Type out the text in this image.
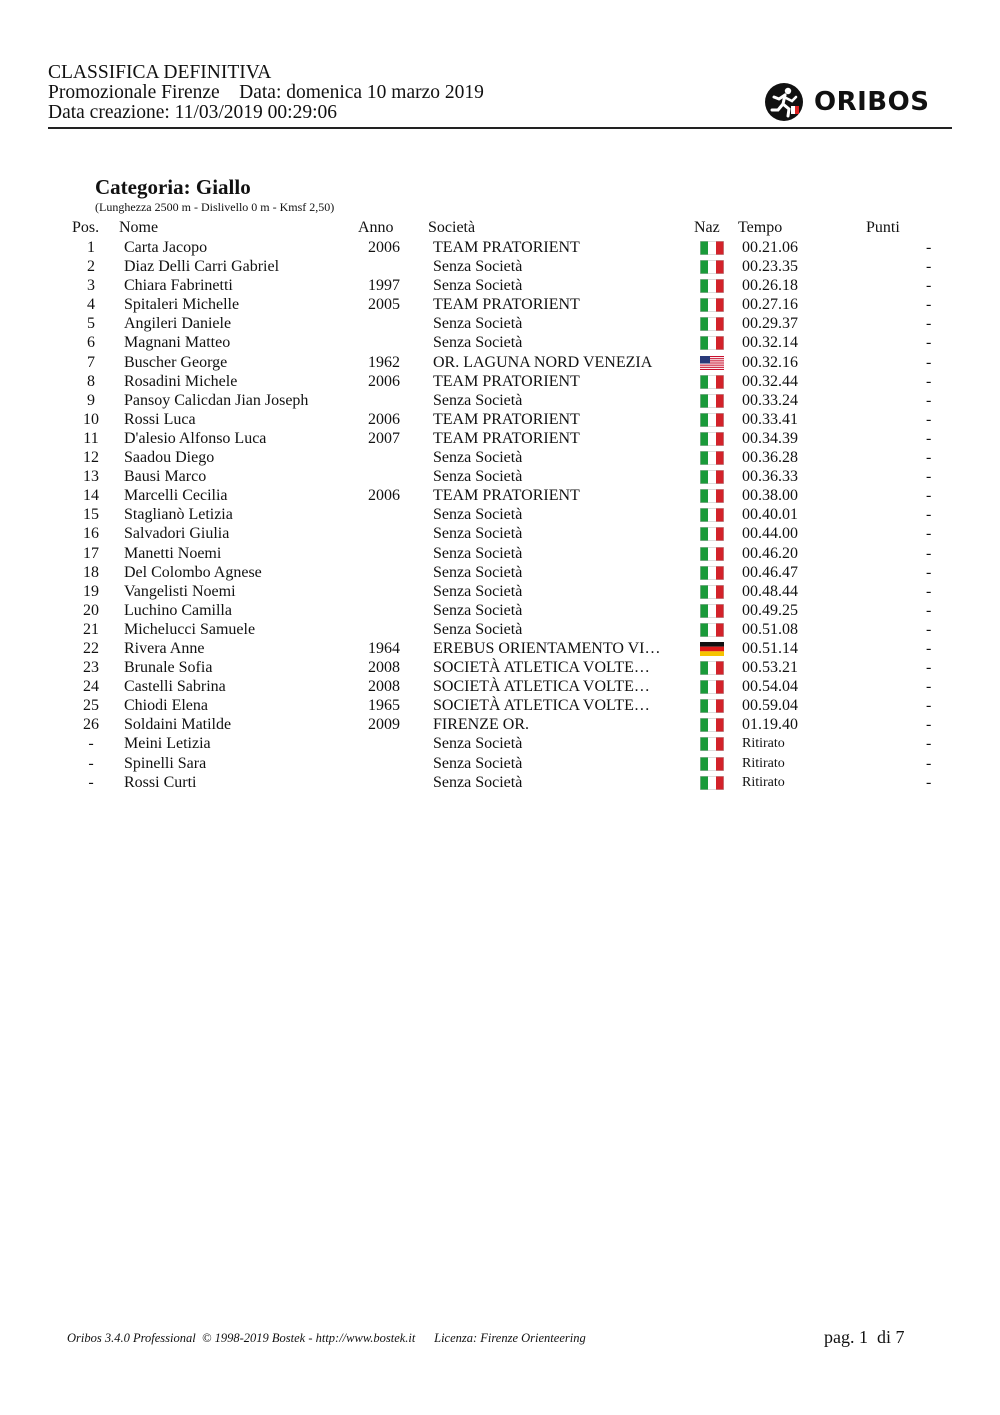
CLASSIFICA DEFINITIVA
Promozionale Firenze Data: domenica 10 marzo 2019
Data creazione: 11/03/2019 00:29:06	ORIBOS
Categoria: Giallo
(Lunghezza 2500 m - Dislivello 0 m - Kmsf 2,50)
Pos. Nome	Anno Società	Naz Tempo	Punti
1	Carta Jacopo	2006 TEAM PRATORIENT	00.21.06	-
2	Diaz Delli Carri Gabriel	Senza Società	00.23.35	-
3	Chiara Fabrinetti	1997 Senza Società	00.26.18	-
4	Spitaleri Michelle	2005 TEAM PRATORIENT	00.27.16	-
5	Angileri Daniele	Senza Società	00.29.37	-
6	Magnani Matteo	Senza Società	00.32.14	-
7	Buscher George	1962 OR. LAGUNA NORD VENEZIA	00.32.16	-
8	Rosadini Michele	2006 TEAM PRATORIENT	00.32.44	-
9	Pansoy Calicdan Jian Joseph	Senza Società	00.33.24	-
10	Rossi Luca	2006 TEAM PRATORIENT	00.33.41	-
11	D'alesio Alfonso Luca	2007 TEAM PRATORIENT	00.34.39	-
12	Saadou Diego	Senza Società	00.36.28	-
13	Bausi Marco	Senza Società	00.36.33	-
14	Marcelli Cecilia	2006 TEAM PRATORIENT	00.38.00	-
15	Staglianò Letizia	Senza Società	00.40.01	-
16	Salvadori Giulia	Senza Società	00.44.00	-
17	Manetti Noemi	Senza Società	00.46.20	-
18	Del Colombo Agnese	Senza Società	00.46.47	-
19	Vangelisti Noemi	Senza Società	00.48.44	-
20	Luchino Camilla	Senza Società	00.49.25	-
21	Michelucci Samuele	Senza Società	00.51.08	-
22	Rivera Anne	1964 EREBUS ORIENTAMENTO VI…	00.51.14	-
23	Brunale Sofia	2008 SOCIETÀ ATLETICA VOLTE…	00.53.21	-
24	Castelli Sabrina	2008 SOCIETÀ ATLETICA VOLTE…	00.54.04	-
25	Chiodi Elena	1965 SOCIETÀ ATLETICA VOLTE…	00.59.04	-
26	Soldaini Matilde	2009 FIRENZE OR.	01.19.40	-
-	Meini Letizia	Senza Società	Ritirato	-
-	Spinelli Sara	Senza Società	Ritirato	-
-	Rossi Curti	Senza Società	Ritirato	-
Oribos 3.4.0 Professional  © 1998-2019 Bostek - http://www.bostek.it      Licenza: Firenze Orienteering	pag. 1  di 7
